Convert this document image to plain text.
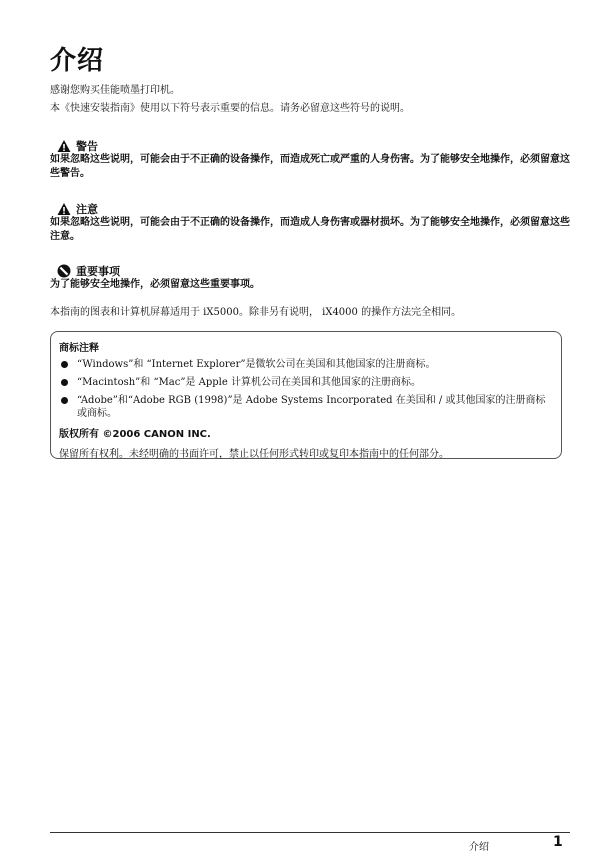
介绍
感谢您购买佳能喷墨打印机。
本《快速安装指南》使用以下符号表示重要的信息。请务必留意这些符号的说明。
警告
如果忽略这些说明，可能会由于不正确的设备操作，而造成死亡或严重的人身伤害。为了能够安全地操作，必须留意这些警告。
注意
如果忽略这些说明，可能会由于不正确的设备操作，而造成人身伤害或器材损坏。为了能够安全地操作，必须留意这些注意。
重要事项
为了能够安全地操作，必须留意这些重要事项。
本指南的图表和计算机屏幕适用于 iX5000。除非另有说明， iX4000 的操作方法完全相同。
商标注释
“Windows”和 “Internet Explorer”是微软公司在美国和其他国家的注册商标。
“Macintosh”和 “Mac”是 Apple 计算机公司在美国和其他国家的注册商标。
“Adobe”和“Adobe RGB (1998)”是 Adobe Systems Incorporated 在美国和 / 或其他国家的注册商标或商标。
版权所有 ©2006 CANON INC.
保留所有权利。未经明确的书面许可，禁止以任何形式转印或复印本指南中的任何部分。
介绍	1
